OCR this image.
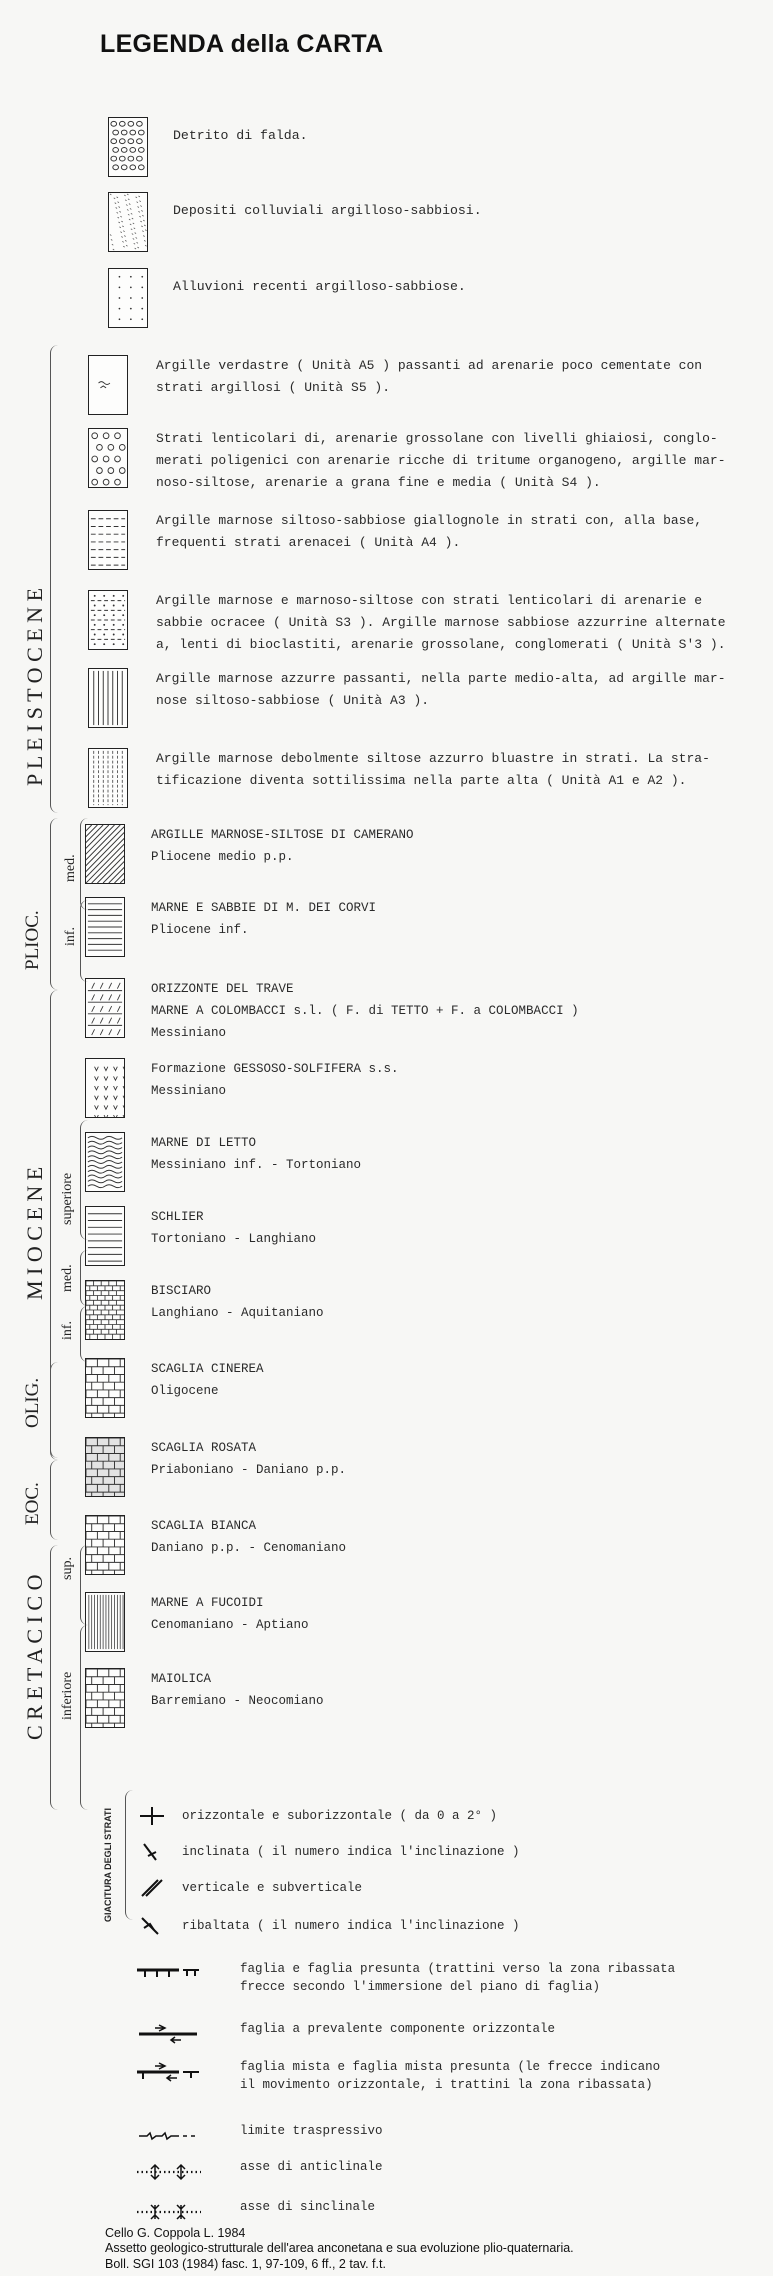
LEGENDA della CARTA
Detrito di falda.
Depositi colluviali argilloso-sabbiosi.
Alluvioni recenti argilloso-sabbiose.
Argille verdastre ( Unità A5 ) passanti ad arenarie poco cementate con
strati argillosi ( Unità S5 ).
Strati lenticolari di, arenarie grossolane con livelli ghiaiosi, conglo-
merati poligenici con arenarie ricche di tritume organogeno, argille mar-
noso-siltose, arenarie a grana fine e media ( Unità S4 ).
Argille marnose siltoso-sabbiose giallognole in strati con, alla base,
frequenti strati arenacei ( Unità A4 ).
Argille marnose e marnoso-siltose con strati lenticolari di arenarie e
sabbie ocracee ( Unità S3 ). Argille marnose sabbiose azzurrine alternate
a, lenti di bioclastiti, arenarie grossolane, conglomerati ( Unità S'3 ).
Argille marnose azzurre passanti, nella parte medio-alta, ad argille mar-
nose siltoso-sabbiose ( Unità A3 ).
Argille marnose debolmente siltose azzurro bluastre in strati. La stra-
tificazione diventa sottilissima nella parte alta ( Unità A1 e A2 ).
ARGILLE MARNOSE-SILTOSE DI CAMERANO
Pliocene medio p.p.
MARNE E SABBIE DI M. DEI CORVI
Pliocene inf.
ORIZZONTE DEL TRAVE
MARNE A COLOMBACCI s.l. ( F. di TETTO + F. a COLOMBACCI )
Messiniano
Formazione GESSOSO-SOLFIFERA s.s.
Messiniano
MARNE DI LETTO
Messiniano inf. - Tortoniano
SCHLIER
Tortoniano - Langhiano
BISCIARO
Langhiano - Aquitaniano
SCAGLIA CINEREA
Oligocene
SCAGLIA ROSATA
Priaboniano - Daniano p.p.
SCAGLIA BIANCA
Daniano p.p. - Cenomaniano
MARNE A FUCOIDI
Cenomaniano - Aptiano
MAIOLICA
Barremiano - Neocomiano
P L E I S T O C E N E
PLIOC.
med.
inf.
M I O C E N E superiore
med.
inf.
OLIG.
EOC.
C R E T A C I C O
sup.
inferiore
GIACITURA DEGLI STRATI	orizzontale e suborizzontale ( da 0 a 2° )
inclinata ( il numero indica l'inclinazione )
verticale e subverticale
ribaltata ( il numero indica l'inclinazione )
faglia e faglia presunta (trattini verso la zona ribassata
frecce secondo l'immersione del piano di faglia)
faglia a prevalente componente orizzontale
faglia mista e faglia mista presunta (le frecce indicano
il movimento orizzontale, i trattini la zona ribassata)
limite traspressivo
asse di anticlinale
asse di sinclinale
Cello G. Coppola L. 1984
Assetto geologico-strutturale dell'area anconetana e sua evoluzione plio-quaternaria.
Boll. SGI 103 (1984) fasc. 1, 97-109, 6 ff., 2 tav. f.t.
